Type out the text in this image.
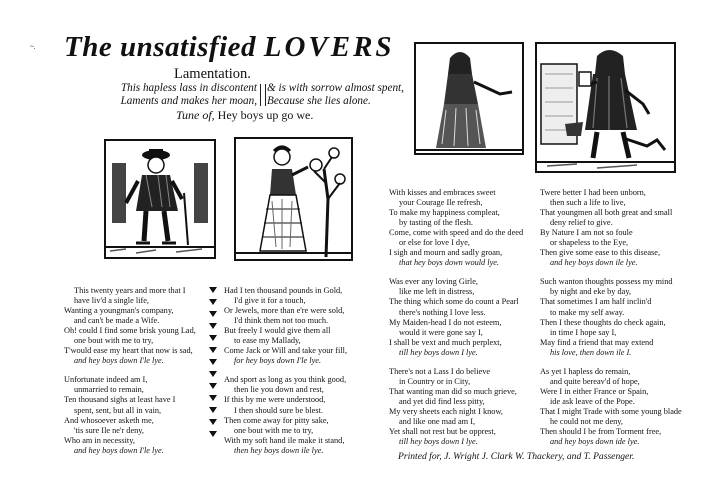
~. The unsatisfied LOVERS
Lamentation.
This hapless lass in discontent
Laments and makes her moan,
& is with sorrow almost spent,
Because she lies alone.
Tune of, Hey boys up go we.
This twenty years and more that I
have liv'd a single life,
Wanting a youngman's company,
and can't be made a Wife.
Oh! could I find some brisk young Lad,
one bout with me to try,
T'would ease my heart that now is sad,
and hey boys down I'le lye.
Unfortunate indeed am I,
unmarried to remain,
Ten thousand sighs at least have I
spent, sent, but all in vain,
And whosoever asketh me,
'tis sure Ile ne'r deny,
Who am in necessity,
and hey boys down I'le lye.
Had I ten thousand pounds in Gold,
I'd give it for a touch,
Or Jewels, more than e're were sold,
I'd think them not too much.
But freely I would give them all
to ease my Mallady,
Come Jack or Will and take your fill,
for hey boys down I'le lye.
And sport as long as you think good,
then lie you down and rest,
If this by me were understood,
I then should sure be blest.
Then come away for pitty sake,
one bout with me to try,
With my soft hand ile make it stand,
then hey boys down ile lye.
With kisses and embraces sweet
your Courage Ile refresh,
To make my happiness compleat,
by tasting of the flesh.
Come, come with speed and do the deed
or else for love I dye,
I sigh and mourn and sadly groan,
that hey boys down would lye.
Was ever any loving Girle,
like me left in distress,
The thing which some do count a Pearl
there's nothing I love less.
My Maiden-head I do not esteem,
would it were gone say I,
I shall be vext and much perplext,
till hey boys down I lye.
There's not a Lass I do believe
in Country or in City,
That wanting man did so much grieve,
and yet did find less pitty,
My very sheets each night I know,
and like one mad am I,
Yet shall not rest but be opprest,
till hey boys down I lye.
Twere better I had been unborn,
then such a life to live,
That youngmen all both great and small
deny relief to give.
By Nature I am not so foule
or shapeless to the Eye,
Then give some ease to this disease,
and hey boys down ile lye.
Such wanton thoughts possess my mind
by night and eke by day,
That sometimes I am half inclin'd
to make my self away.
Then I these thoughts do check again,
in time I hope say I,
May find a friend that may extend
his love, then down ile I.
As yet I hapless do remain,
and quite bereav'd of hope,
Were I in either France or Spain,
ide ask leave of the Pope.
That I might Trade with some young blade
he could not me deny,
Then should I be from Torment free,
and hey boys down ide lye.
Printed for, J. Wright J. Clark W. Thackery, and T. Passenger.
